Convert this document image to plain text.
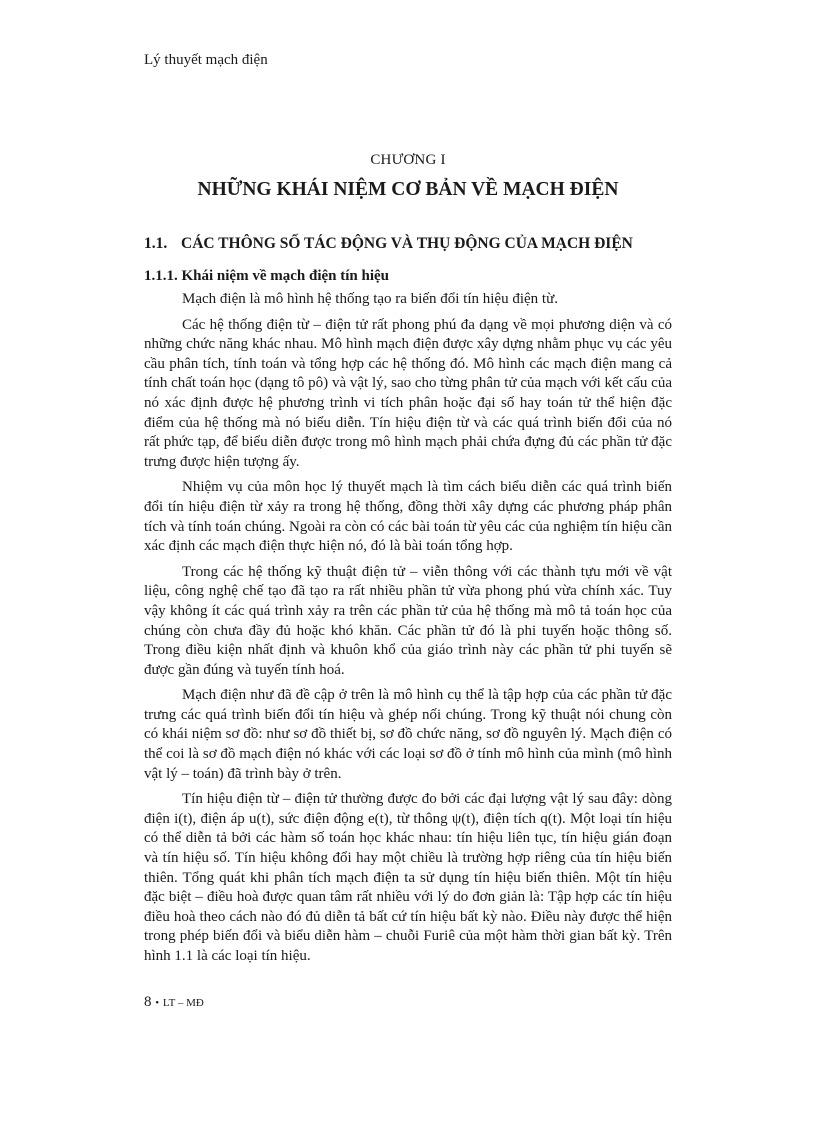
Lý thuyết mạch điện
CHƯƠNG I
NHỮNG KHÁI NIỆM CƠ BẢN VỀ MẠCH ĐIỆN
1.1. CÁC THÔNG SỐ TÁC ĐỘNG VÀ THỤ ĐỘNG CỦA MẠCH ĐIỆN
1.1.1. Khái niệm về mạch điện tín hiệu

Mạch điện là mô hình hệ thống tạo ra biến đổi tín hiệu điện từ.

Các hệ thống điện từ – điện tử rất phong phú đa dạng về mọi phương diện và có những chức năng khác nhau. Mô hình mạch điện được xây dựng nhằm phục vụ các yêu cầu phân tích, tính toán và tổng hợp các hệ thống đó. Mô hình các mạch điện mang cả tính chất toán học (dạng tô pô) và vật lý, sao cho từng phân tử của mạch với kết cấu của nó xác định được hệ phương trình vi tích phân hoặc đại số hay toán tử thể hiện đặc điểm của hệ thống mà nó biểu diễn. Tín hiệu điện từ và các quá trình biến đổi của nó rất phức tạp, để biểu diễn được trong mô hình mạch phải chứa đựng đủ các phần tử đặc trưng được hiện tượng ấy.

Nhiệm vụ của môn học lý thuyết mạch là tìm cách biểu diễn các quá trình biến đổi tín hiệu điện từ xảy ra trong hệ thống, đồng thời xây dựng các phương pháp phân tích và tính toán chúng. Ngoài ra còn có các bài toán từ yêu các của nghiệm tín hiệu cần xác định các mạch điện thực hiện nó, đó là bài toán tổng hợp.

Trong các hệ thống kỹ thuật điện tử – viễn thông với các thành tựu mới về vật liệu, công nghệ chế tạo đã tạo ra rất nhiều phần tử vừa phong phú vừa chính xác. Tuy vậy không ít các quá trình xảy ra trên các phần tử của hệ thống mà mô tả toán học của chúng còn chưa đầy đủ hoặc khó khăn. Các phần tử đó là phi tuyến hoặc thông số. Trong điều kiện nhất định và khuôn khổ của giáo trình này các phần tử phi tuyến sẽ được gần đúng và tuyến tính hoá.

Mạch điện như đã đề cập ở trên là mô hình cụ thể là tập hợp của các phần tử đặc trưng các quá trình biến đổi tín hiệu và ghép nối chúng. Trong kỹ thuật nói chung còn có khái niệm sơ đồ: như sơ đồ thiết bị, sơ đồ chức năng, sơ đồ nguyên lý. Mạch điện có thể coi là sơ đồ mạch điện nó khác với các loại sơ đồ ở tính mô hình của mình (mô hình vật lý – toán) đã trình bày ở trên.

Tín hiệu điện từ – điện tử thường được đo bởi các đại lượng vật lý sau đây: dòng điện i(t), điện áp u(t), sức điện động e(t), từ thông ψ(t), điện tích q(t). Một loại tín hiệu có thể diễn tả bởi các hàm số toán học khác nhau: tín hiệu liên tục, tín hiệu gián đoạn và tín hiệu số. Tín hiệu không đổi hay một chiều là trường hợp riêng của tín hiệu biến thiên. Tổng quát khi phân tích mạch điện ta sử dụng tín hiệu biến thiên. Một tín hiệu đặc biệt – điều hoà được quan tâm rất nhiều với lý do đơn giản là: Tập hợp các tín hiệu điều hoà theo cách nào đó đủ diễn tả bất cứ tín hiệu bất kỳ nào. Điều này được thể hiện trong phép biến đổi và biểu diễn hàm – chuỗi Furiê của một hàm thời gian bất kỳ. Trên hình 1.1 là các loại tín hiệu.

8 • LT – MĐ
